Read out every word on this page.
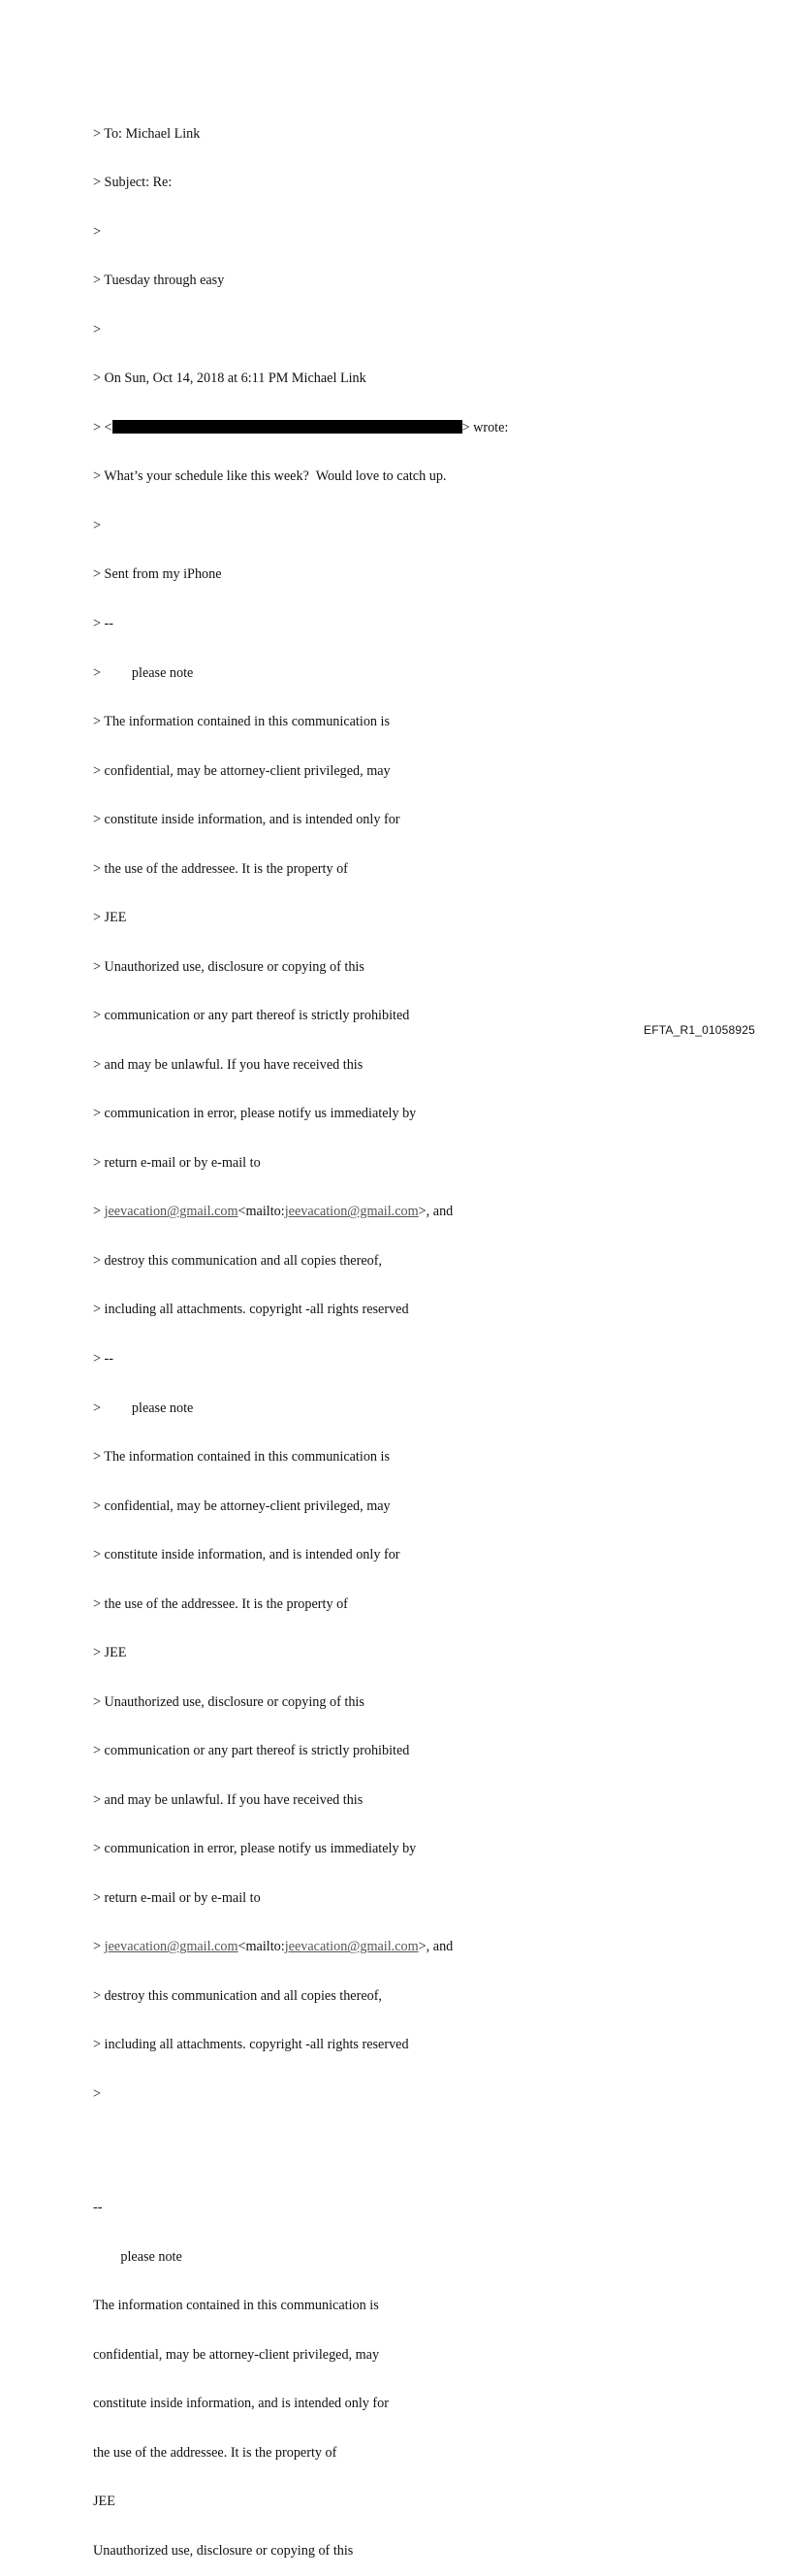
> To: Michael Link

> Subject: Re:

>

> Tuesday through easy

>

> On Sun, Oct 14, 2018 at 6:11 PM Michael Link

> <	> wrote:

> What’s your schedule like this week?  Would love to catch up.

>

> Sent from my iPhone

> --

>         please note

> The information contained in this communication is

> confidential, may be attorney-client privileged, may

> constitute inside information, and is intended only for

> the use of the addressee. It is the property of

> JEE

> Unauthorized use, disclosure or copying of this

> communication or any part thereof is strictly prohibited

> and may be unlawful. If you have received this

> communication in error, please notify us immediately by

> return e-mail or by e-mail to

> jeevacation@gmail.com<mailto:jeevacation@gmail.com>, and

> destroy this communication and all copies thereof,

> including all attachments. copyright -all rights reserved

> --

>         please note

> The information contained in this communication is

> confidential, may be attorney-client privileged, may

> constitute inside information, and is intended only for

> the use of the addressee. It is the property of

> JEE

> Unauthorized use, disclosure or copying of this

> communication or any part thereof is strictly prohibited

> and may be unlawful. If you have received this

> communication in error, please notify us immediately by

> return e-mail or by e-mail to

> jeevacation@gmail.com<mailto:jeevacation@gmail.com>, and

> destroy this communication and all copies thereof,

> including all attachments. copyright -all rights reserved

>

--

please note

The information contained in this communication is

confidential, may be attorney-client privileged, may

constitute inside information, and is intended only for

the use of the addressee. It is the property of

JEE

Unauthorized use, disclosure or copying of this

EFTA_R1_01058925
